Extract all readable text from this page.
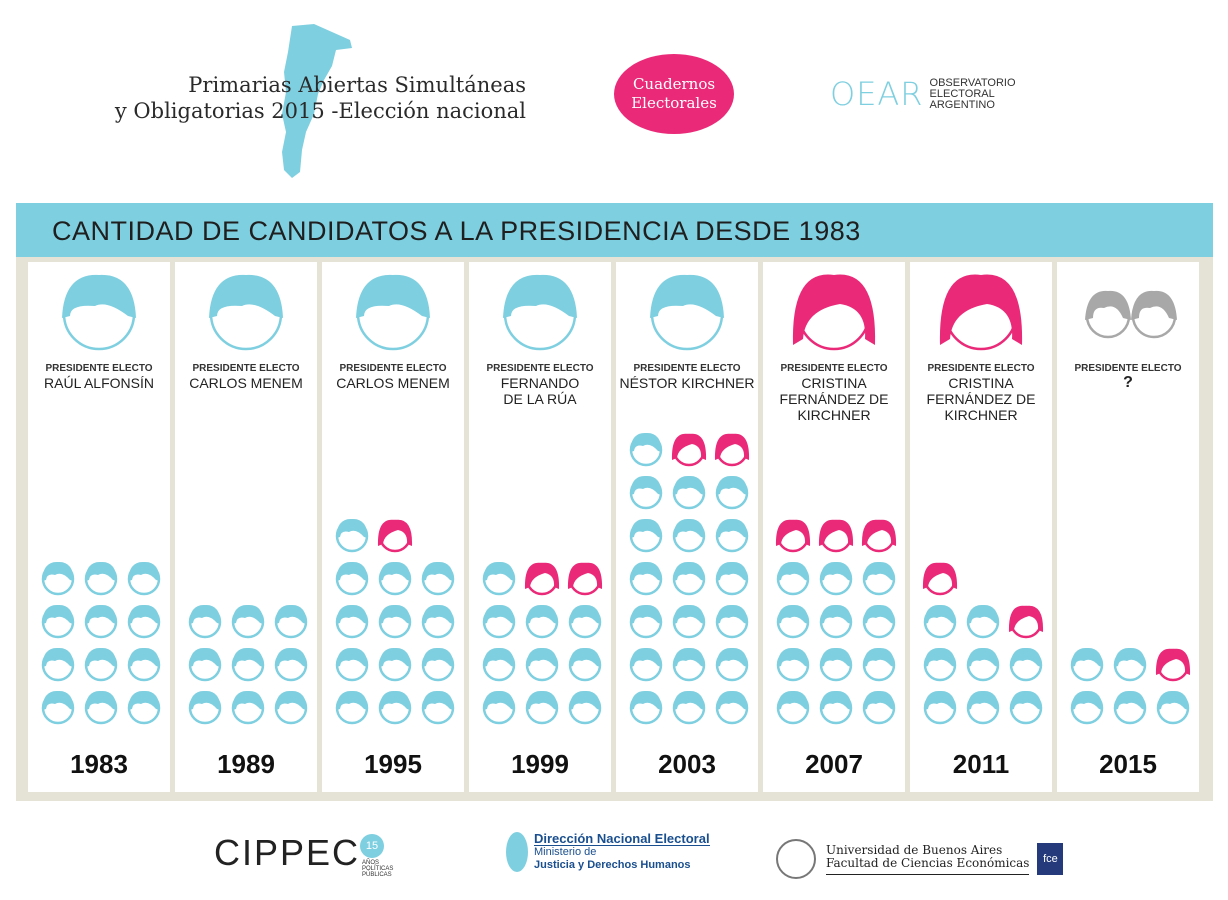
Primarias Abiertas Simultáneas
y Obligatorias 2015 -Elección nacional
Cuadernos
Electorales	OEAR OBSERVATORIO
ELECTORAL
ARGENTINO
CANTIDAD DE CANDIDATOS A LA PRESIDENCIA DESDE 1983
PRESIDENTE ELECTO
RAÚL ALFONSÍN
1983
PRESIDENTE ELECTO
CARLOS MENEM
1989
PRESIDENTE ELECTO
CARLOS MENEM
1995
PRESIDENTE ELECTO
FERNANDO
DE LA RÚA
1999
PRESIDENTE ELECTO
NÉSTOR KIRCHNER
2003
PRESIDENTE ELECTO
CRISTINA
FERNÁNDEZ DE
KIRCHNER
2007
PRESIDENTE ELECTO
CRISTINA
FERNÁNDEZ DE
KIRCHNER
2011
PRESIDENTE ELECTO
?
2015
CIPPEC 15
AÑOS
POLÍTICAS
PÚBLICAS
Dirección Nacional Electoral
Ministerio de
Justicia y Derechos Humanos
Universidad de Buenos Aires
Facultad de Ciencias Económicas	fce
